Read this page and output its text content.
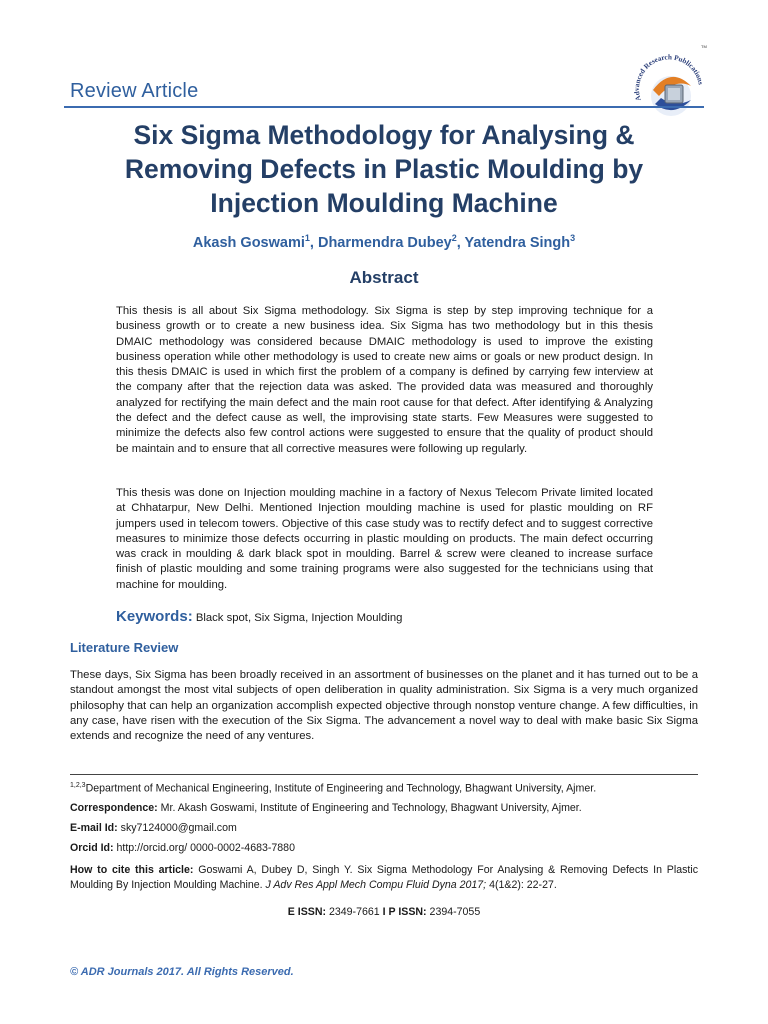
Advanced Research Publications
TM
Review Article
Six Sigma Methodology for Analysing & Removing Defects in Plastic Moulding by Injection Moulding Machine
Akash Goswami$^1$, Dharmendra Dubey$^2$, Yatendra Singh$^3$
Abstract
This thesis is all about Six Sigma methodology. Six Sigma is step by step improving technique for a business growth or to create a new business idea. Six Sigma has two methodology but in this thesis DMAIC methodology was considered because DMAIC methodology is used to improve the existing business operation while other methodology is used to create new aims or goals or new product design. In this thesis DMAIC is used in which first the problem of a company is defined by carrying few interview at the company after that the rejection data was asked. The provided data was measured and thoroughly analyzed for rectifying the main defect and the main root cause for that defect. After identifying & Analyzing the defect and the defect cause as well, the improvising state starts. Few Measures were suggested to minimize the defects also few control actions were suggested to ensure that the quality of product should be maintain and to ensure that all corrective measures were following up regularly.
This thesis was done on Injection moulding machine in a factory of Nexus Telecom Private limited located at Chhatarpur, New Delhi. Mentioned Injection moulding machine is used for plastic moulding on RF jumpers used in telecom towers. Objective of this case study was to rectify defect and to suggest corrective measures to minimize those defects occurring in plastic moulding on products. The main defect occurring was crack in moulding & dark black spot in moulding. Barrel & screw were cleaned to increase surface finish of plastic moulding and some training programs were also suggested for the technicians using that machine for moulding.
Keywords: Black spot, Six Sigma, Injection Moulding
Literature Review
These days, Six Sigma has been broadly received in an assortment of businesses on the planet and it has turned out to be a standout amongst the most vital subjects of open deliberation in quality administration. Six Sigma is a very much organized philosophy that can help an organization accomplish expected objective through nonstop venture change. A few difficulties, in any case, have risen with the execution of the Six Sigma. The advancement a novel way to deal with make basic Six Sigma extends and recognize the need of any ventures.
$^{1,2,3}$Department of Mechanical Engineering, Institute of Engineering and Technology, Bhagwant University, Ajmer.
Correspondence: Mr. Akash Goswami, Institute of Engineering and Technology, Bhagwant University, Ajmer.
E-mail Id: sky7124000@gmail.com
Orcid Id: http://orcid.org/ 0000-0002-4683-7880
How to cite this article: Goswami A, Dubey D, Singh Y. Six Sigma Methodology For Analysing & Removing Defects In Plastic Moulding By Injection Moulding Machine. J Adv Res Appl Mech Compu Fluid Dyna 2017; 4(1&2): 22-27.
E ISSN: 2349-7661 I P ISSN: 2394-7055
© ADR Journals 2017. All Rights Reserved.
